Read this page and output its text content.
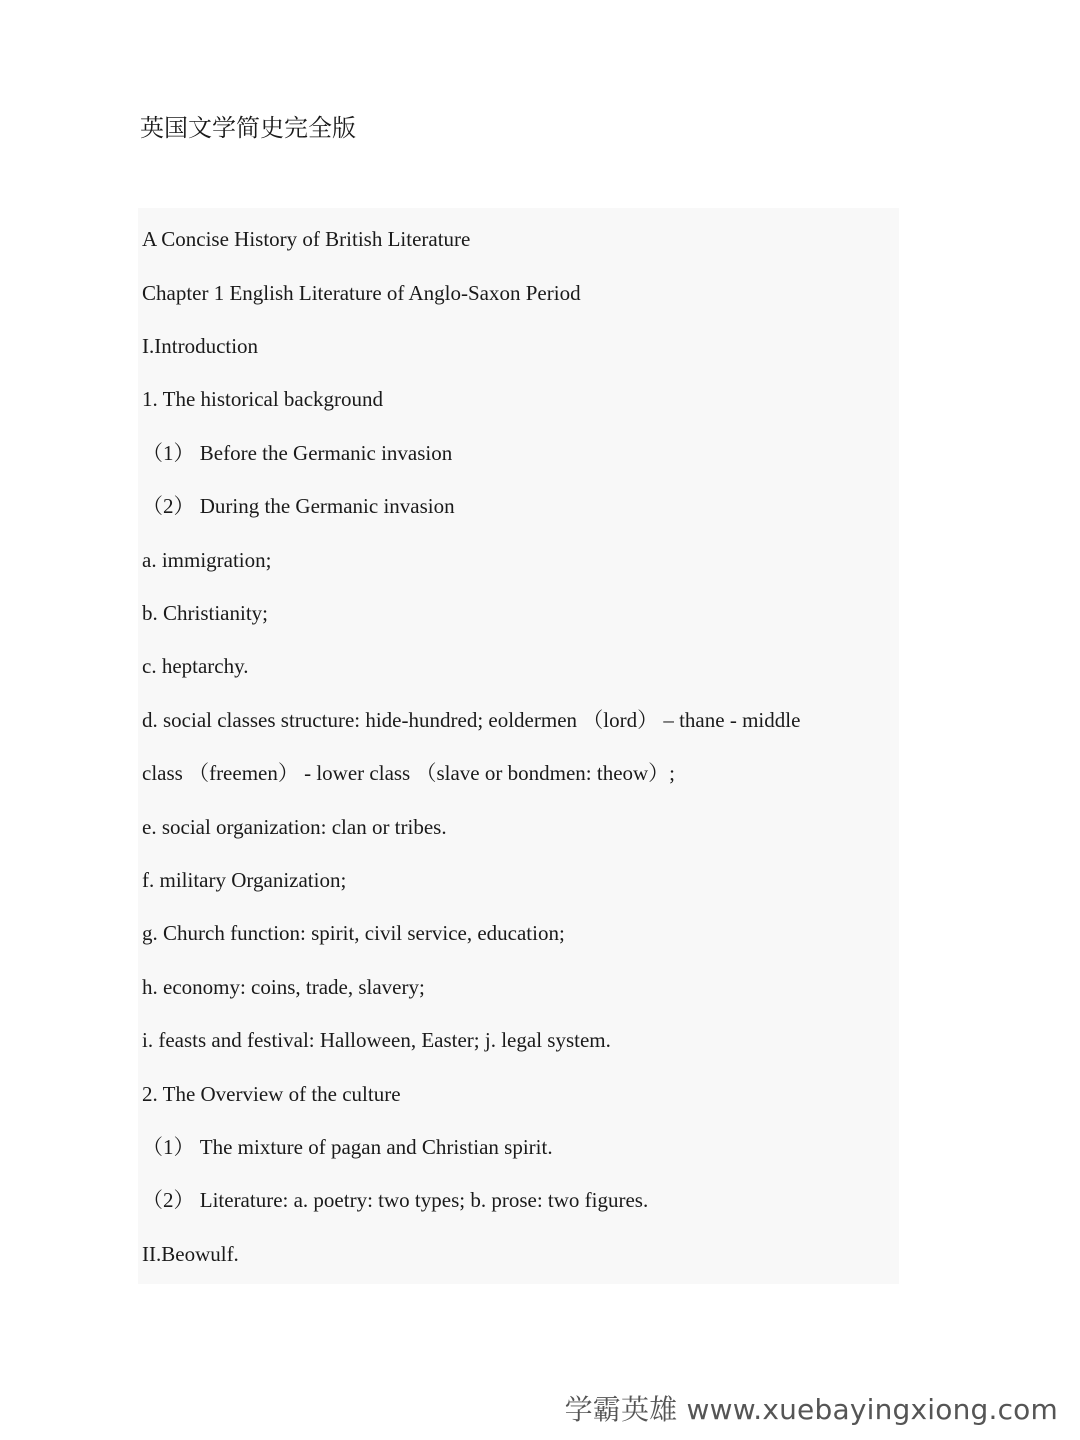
英国文学简史完全版
A Concise History of British Literature
Chapter 1 English Literature of Anglo-Saxon Period
I.Introduction
1. The historical background
（1） Before the Germanic invasion
（2） During the Germanic invasion
a. immigration;
b. Christianity;
c. heptarchy.
d. social classes structure: hide-hundred; eoldermen （lord） – thane - middle
class （freemen） - lower class （slave or bondmen: theow）;
e. social organization: clan or tribes.
f. military Organization;
g. Church function: spirit, civil service, education;
h. economy: coins, trade, slavery;
i. feasts and festival: Halloween, Easter; j. legal system.
2. The Overview of the culture
（1） The mixture of pagan and Christian spirit.
（2） Literature: a. poetry: two types; b. prose: two figures.
II.Beowulf.
学霸英雄 www.xuebayingxiong.com
